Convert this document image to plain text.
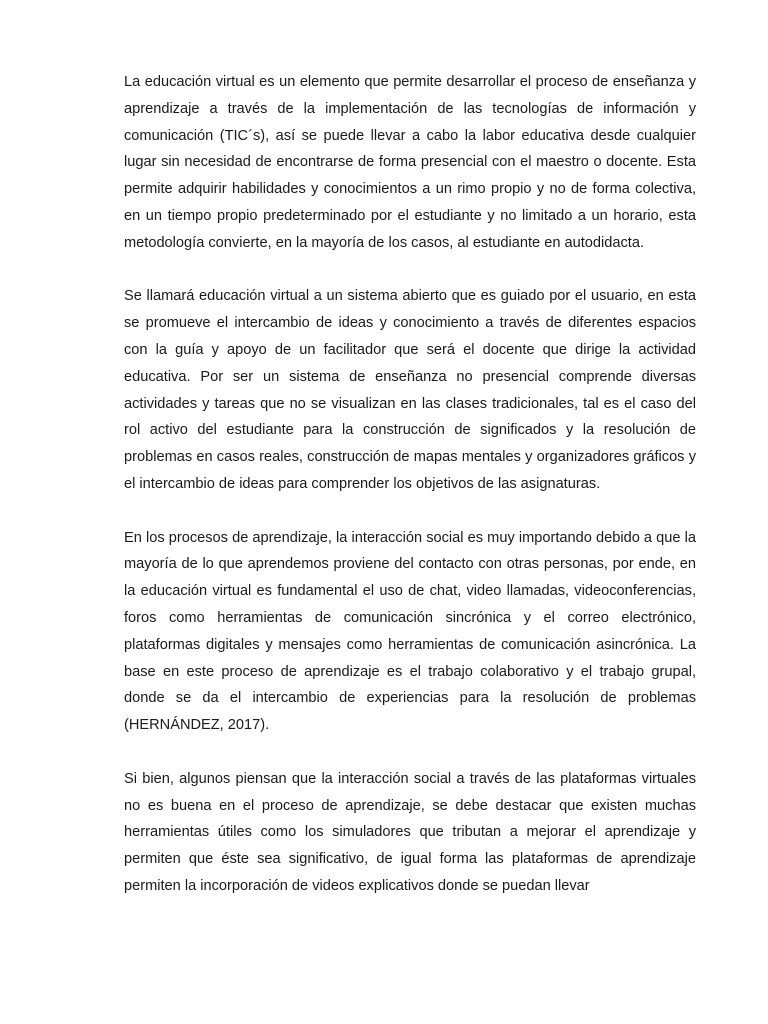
La educación virtual es un elemento que permite desarrollar el proceso de enseñanza y aprendizaje a través de la implementación de las tecnologías de información y comunicación (TIC´s), así se puede llevar a cabo la labor educativa desde cualquier lugar sin necesidad de encontrarse de forma presencial con el maestro o docente. Esta permite adquirir habilidades y conocimientos a un rimo propio y no de forma colectiva, en un tiempo propio predeterminado por el estudiante y no limitado a un horario, esta metodología convierte, en la mayoría de los casos, al estudiante en autodidacta.

Se llamará educación virtual a un sistema abierto que es guiado por el usuario, en esta se promueve el intercambio de ideas y conocimiento a través de diferentes espacios con la guía y apoyo de un facilitador que será el docente que dirige la actividad educativa. Por ser un sistema de enseñanza no presencial comprende diversas actividades y tareas que no se visualizan en las clases tradicionales, tal es el caso del rol activo del estudiante para la construcción de significados y la resolución de problemas en casos reales, construcción de mapas mentales y organizadores gráficos y el intercambio de ideas para comprender los objetivos de las asignaturas.

En los procesos de aprendizaje, la interacción social es muy importando debido a que la mayoría de lo que aprendemos proviene del contacto con otras personas, por ende, en la educación virtual es fundamental el uso de chat, video llamadas, videoconferencias, foros como herramientas de comunicación sincrónica y el correo electrónico, plataformas digitales y mensajes como herramientas de comunicación asincrónica. La base en este proceso de aprendizaje es el trabajo colaborativo y el trabajo grupal, donde se da el intercambio de experiencias para la resolución de problemas (HERNÁNDEZ, 2017).

Si bien, algunos piensan que la interacción social a través de las plataformas virtuales no es buena en el proceso de aprendizaje, se debe destacar que existen muchas herramientas útiles como los simuladores que tributan a mejorar el aprendizaje y permiten que éste sea significativo, de igual forma las plataformas de aprendizaje permiten la incorporación de videos explicativos donde se puedan llevar
